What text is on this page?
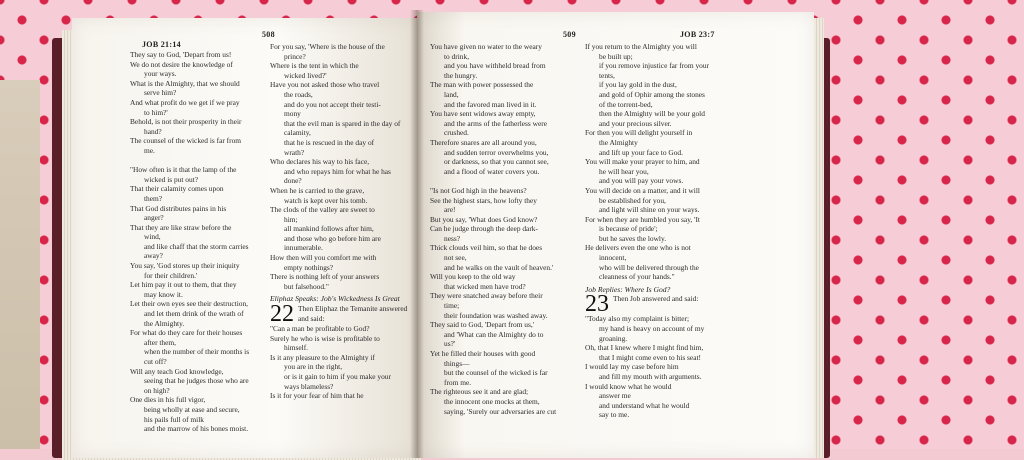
JOB 21:14
508	509	JOB 23:7
They say to God, 'Depart from us!
We do not desire the knowledge of
your ways.
What is the Almighty, that we should
serve him?
And what profit do we get if we pray
to him?'
Behold, is not their prosperity in their
hand?
The counsel of the wicked is far from
me.

"How often is it that the lamp of the
wicked is put out?
That their calamity comes upon
them?
That God distributes pains in his
anger?
That they are like straw before the
wind,
and like chaff that the storm carries
away?
You say, 'God stores up their iniquity
for their children.'
Let him pay it out to them, that they
may know it.
Let their own eyes see their destruction,
and let them drink of the wrath of
the Almighty.
For what do they care for their houses
after them,
when the number of their months is
cut off?
Will any teach God knowledge,
seeing that he judges those who are
on high?
One dies in his full vigor,
being wholly at ease and secure,
his pails full of milk
and the marrow of his bones moist.
For you say, 'Where is the house of the
prince?
Where is the tent in which the
wicked lived?'
Have you not asked those who travel
the roads,
and do you not accept their testi-
mony
that the evil man is spared in the day of
calamity,
that he is rescued in the day of
wrath?
Who declares his way to his face,
and who repays him for what he has
done?
When he is carried to the grave,
watch is kept over his tomb.
The clods of the valley are sweet to
him;
all mankind follows after him,
and those who go before him are
innumerable.
How then will you comfort me with
empty nothings?
There is nothing left of your answers
but falsehood."
Eliphaz Speaks: Job's Wickedness Is Great
22 Then Eliphaz the Temanite answered
and said:
"Can a man be profitable to God?
Surely he who is wise is profitable to
himself.
Is it any pleasure to the Almighty if
you are in the right,
or is it gain to him if you make your
ways blameless?
Is it for your fear of him that he
You have given no water to the weary
to drink,
and you have withheld bread from
the hungry.
The man with power possessed the
land,
and the favored man lived in it.
You have sent widows away empty,
and the arms of the fatherless were
crushed.
Therefore snares are all around you,
and sudden terror overwhelms you,
or darkness, so that you cannot see,
and a flood of water covers you.

"Is not God high in the heavens?
See the highest stars, how lofty they
are!
But you say, 'What does God know?
Can he judge through the deep dark-
ness?
Thick clouds veil him, so that he does
not see,
and he walks on the vault of heaven.'
Will you keep to the old way
that wicked men have trod?
They were snatched away before their
time;
their foundation was washed away.
They said to God, 'Depart from us,'
and 'What can the Almighty do to
us?'
Yet he filled their houses with good
things—
but the counsel of the wicked is far
from me.
The righteous see it and are glad;
the innocent one mocks at them,
saying, 'Surely our adversaries are cut
If you return to the Almighty you will
be built up;
if you remove injustice far from your
tents,
if you lay gold in the dust,
and gold of Ophir among the stones
of the torrent-bed,
then the Almighty will be your gold
and your precious silver.
For then you will delight yourself in
the Almighty
and lift up your face to God.
You will make your prayer to him, and
he will hear you,
and you will pay your vows.
You will decide on a matter, and it will
be established for you,
and light will shine on your ways.
For when they are humbled you say, 'It
is because of pride';
but he saves the lowly.
He delivers even the one who is not
innocent,
who will be delivered through the
cleanness of your hands."
Job Replies: Where Is God?
23 Then Job answered and said:
"Today also my complaint is bitter;
my hand is heavy on account of my
groaning.
Oh, that I knew where I might find him,
that I might come even to his seat!
I would lay my case before him
and fill my mouth with arguments.
I would know what he would
answer me
and understand what he would
say to me.
